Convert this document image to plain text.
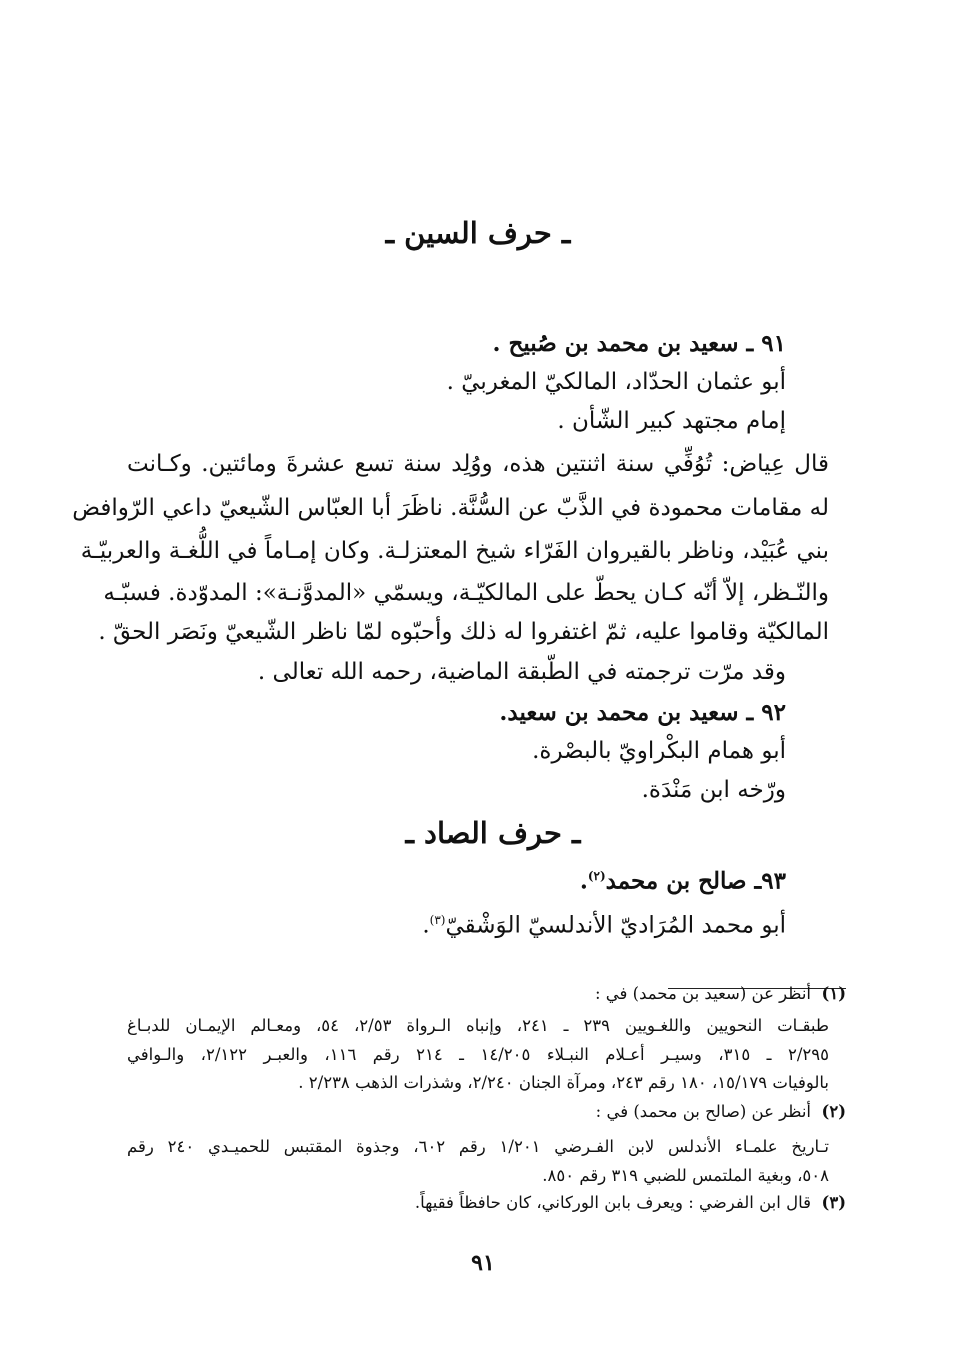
ـ حرف السين ـ

٩١ ـ سعيد بن محمد بن صُبيح .

أبو عثمان الحدّاد، المالكيّ المغربيّ .

إمام مجتهد كبير الشّأن .

قال عِياض: تُوُفِّي سنة اثنتين هذه، ووُلِد سنة تسع عشرةَ ومائتين. وكـانت

له مقامات محمودة في الذَّبّ عن السُّنَّة. ناظَرَ أبا العبّاس الشّيعيّ داعي الرّوافض

بني عُبَيْد، وناظر بالقيروان الفَرّاء شيخ المعتزلـة. وكان إمـاماً في اللُّغـة والعربيّـة

والنّـظر، إلاّ أنّه كـان يحطّ على المالكيّـة، ويسمّي «المدوَّنـة»: المدوّدة. فسبّـه

المالكيّة وقاموا عليه، ثمّ اغتفروا له ذلك وأحبّوه لمّا ناظر الشّيعيّ ونَصَر الحقّ .

وقد مرّت ترجمته في الطّبقة الماضية، رحمه الله تعالى .

٩٢ ـ سعيد بن محمد بن سعيد.

أبو همام البكْراويّ بالبصْرة.

ورّخه ابن مَنْدَة.

ـ حرف الصاد ـ

٩٣ـ صالح بن محمد$^{(٢)}$.

أبو محمد المُرَاديّ الأندلسيّ الوَشْقيّ$^{(٣)}$.

(١)  أنظر عن (سعيد بن محمد) في :

طبقـات النحويين واللغـويين ٢٣٩ ـ ٢٤١، وإنباه الـرواة ٢/٥٣، ٥٤، ومعـالم الإيمـان للدبـاغ

٢/٢٩٥ ـ ٣١٥، وسيـر أعـلام النبـلاء ١٤/٢٠٥ ـ ٢١٤ رقم ١١٦، والعبـر ٢/١٢٢، والـوافي

بالوفيات ١٥/١٧٩، ١٨٠ رقم ٢٤٣، ومرآة الجنان ٢/٢٤٠، وشذرات الذهب ٢/٢٣٨ .

(٢)  أنظر عن (صالح بن محمد) في :

تـاريخ علمـاء الأندلس لابن الفـرضي ١/٢٠١ رقم ٦٠٢، وجذوة المقتبس للحميـدي ٢٤٠ رقم

٥٠٨، وبغية الملتمس للضبي ٣١٩ رقم ٨٥٠.

(٣)  قال ابن الفرضي : ويعرف بابن الوركاني، كان حافظاً فقيهاً.

٩١
